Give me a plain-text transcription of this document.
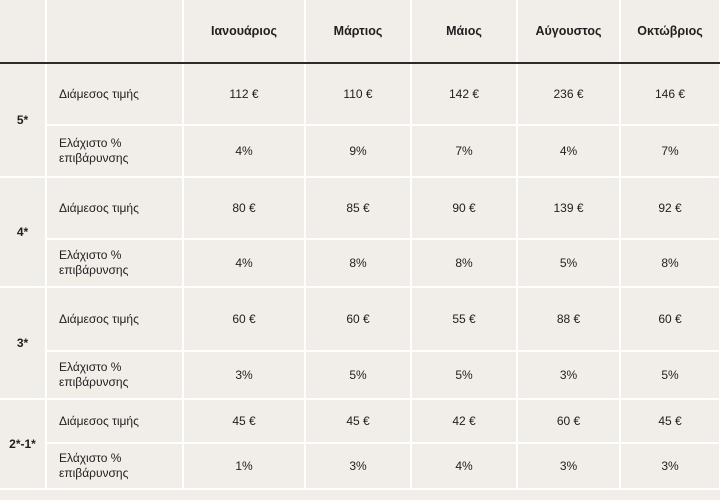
		Ιανουάριος	Μάρτιος	Μάιος	Αύγουστος	Οκτώβριος
5*	Διάμεσος τιμής	112 €	110 €	142 €	236 €	146 €
	Ελάχιστο % επιβάρυνσης	4%	9%	7%	4%	7%
4*	Διάμεσος τιμής	80 €	85 €	90 €	139 €	92 €
	Ελάχιστο % επιβάρυνσης	4%	8%	8%	5%	8%
3*	Διάμεσος τιμής	60 €	60 €	55 €	88 €	60 €
	Ελάχιστο % επιβάρυνσης	3%	5%	5%	3%	5%
2*-1*	Διάμεσος τιμής	45 €	45 €	42 €	60 €	45 €
	Ελάχιστο % επιβάρυνσης	1%	3%	4%	3%	3%
